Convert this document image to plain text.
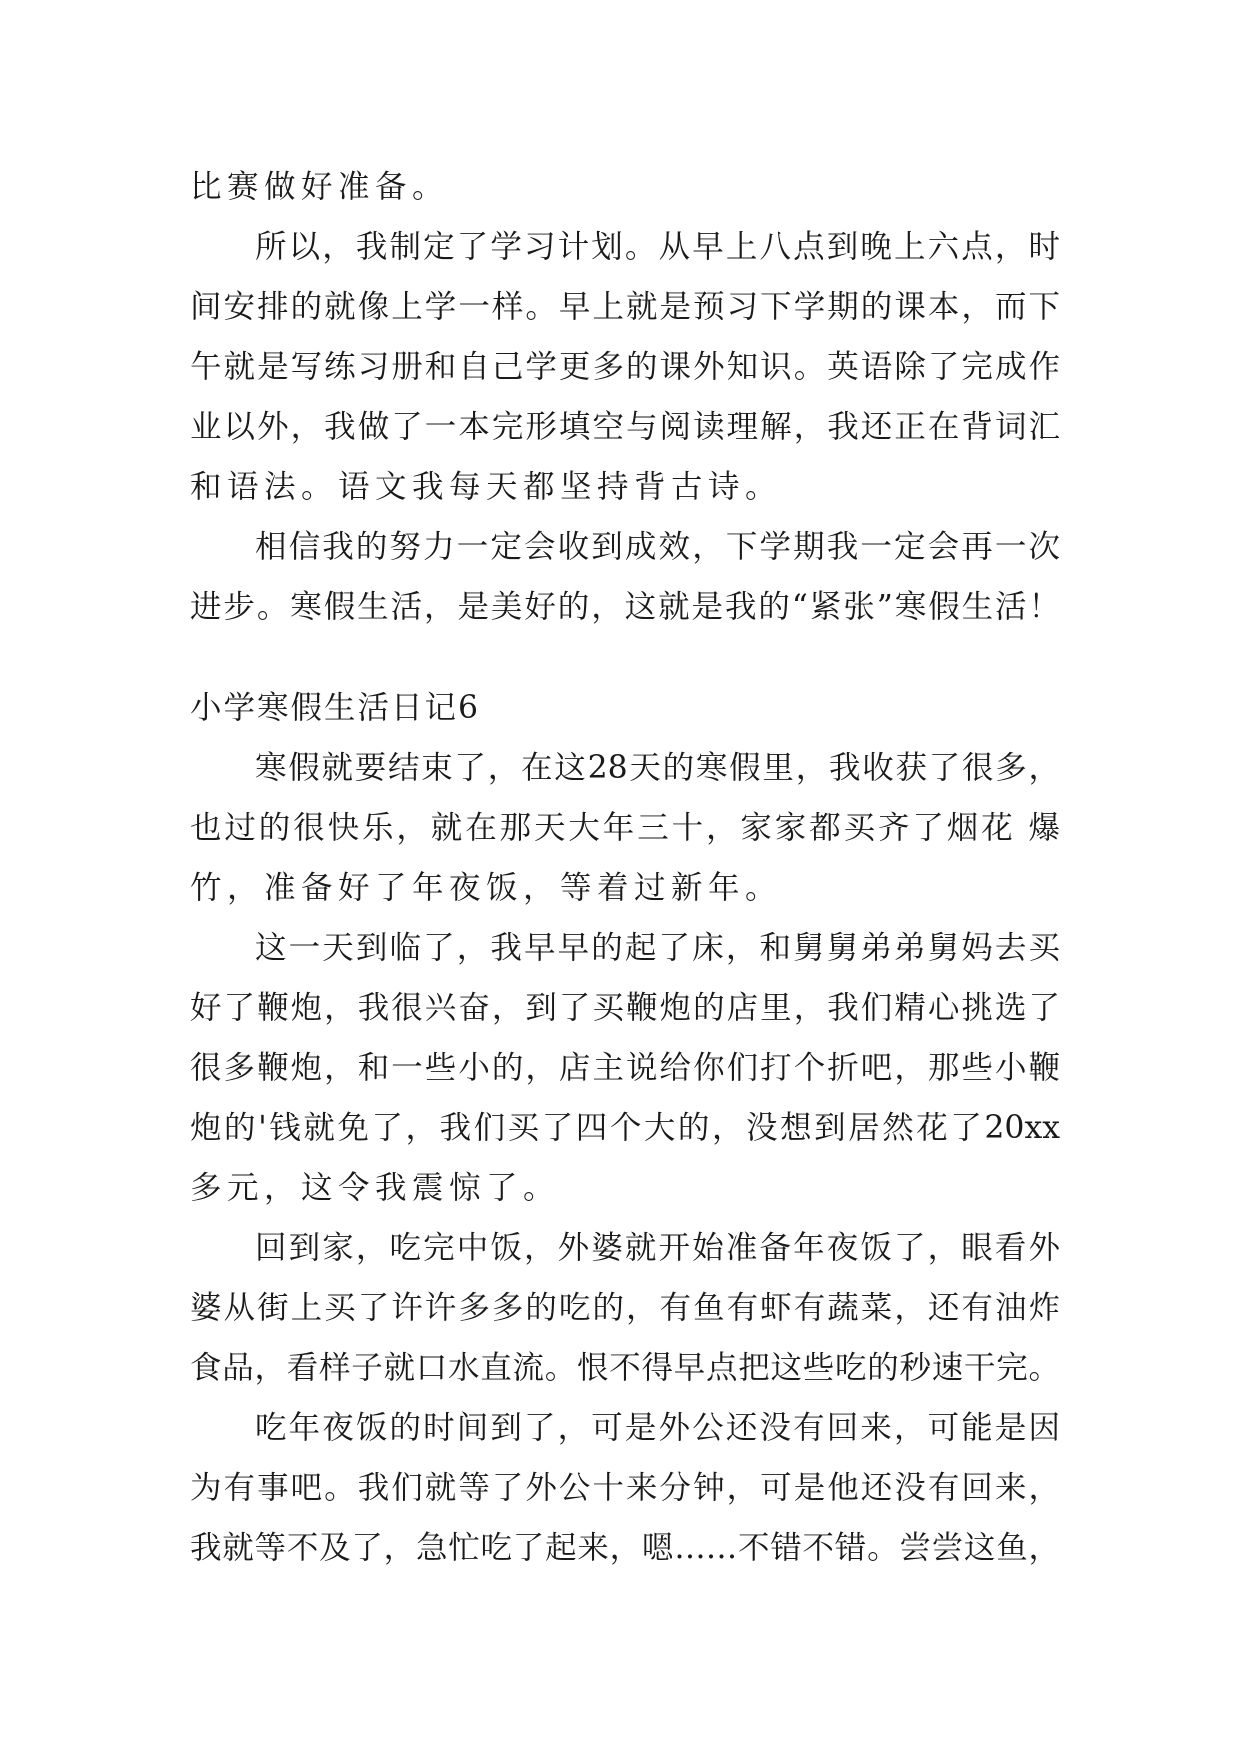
比赛做好准备。

所以，我制定了学习计划。从早上八点到晚上六点，时

间安排的就像上学一样。早上就是预习下学期的课本，而下

午就是写练习册和自己学更多的课外知识。英语除了完成作

业以外，我做了一本完形填空与阅读理解，我还正在背词汇

和语法。语文我每天都坚持背古诗。

相信我的努力一定会收到成效，下学期我一定会再一次

进步。寒假生活，是美好的，这就是我的“紧张”寒假生活！

小学寒假生活日记6

寒假就要结束了，在这28天的寒假里，我收获了很多，

也过的很快乐，就在那天大年三十，家家都买齐了烟花 爆

竹，准备好了年夜饭，等着过新年。

这一天到临了，我早早的起了床，和舅舅弟弟舅妈去买

好了鞭炮，我很兴奋，到了买鞭炮的店里，我们精心挑选了

很多鞭炮，和一些小的，店主说给你们打个折吧，那些小鞭

炮的'钱就免了，我们买了四个大的，没想到居然花了20xx

多元，这令我震惊了。

回到家，吃完中饭，外婆就开始准备年夜饭了，眼看外

婆从街上买了许许多多的吃的，有鱼有虾有蔬菜，还有油炸

食品，看样子就口水直流。恨不得早点把这些吃的秒速干完。

吃年夜饭的时间到了，可是外公还没有回来，可能是因

为有事吧。我们就等了外公十来分钟，可是他还没有回来，

我就等不及了，急忙吃了起来，嗯……不错不错。尝尝这鱼，
